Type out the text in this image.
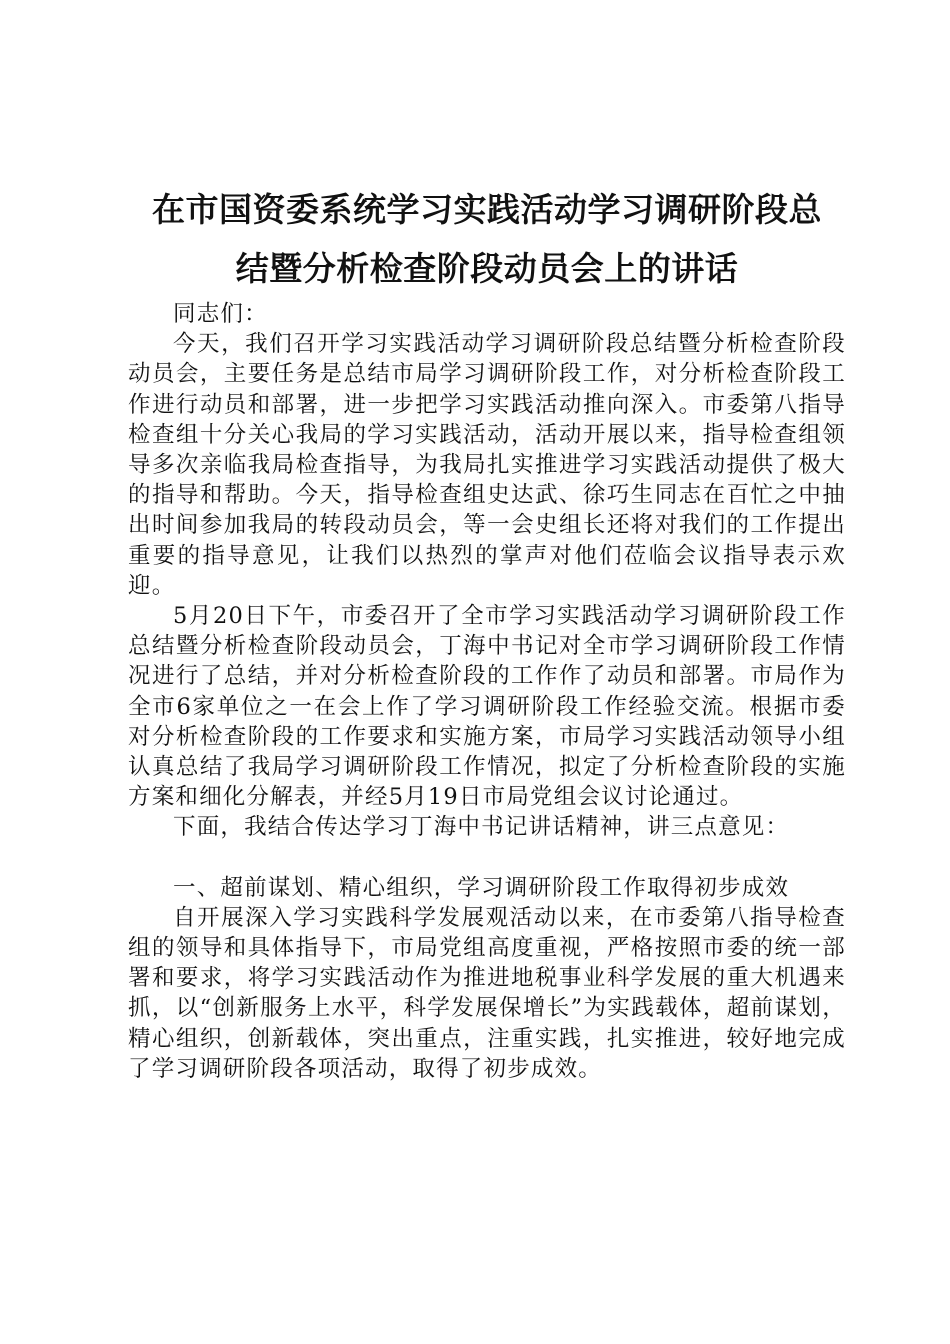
在市国资委系统学习实践活动学习调研阶段总
结暨分析检查阶段动员会上的讲话

同志们：

今天，我们召开学习实践活动学习调研阶段总结暨分析检查阶段动员会，主要任务是总结市局学习调研阶段工作，对分析检查阶段工作进行动员和部署，进一步把学习实践活动推向深入。市委第八指导检查组十分关心我局的学习实践活动，活动开展以来，指导检查组领导多次亲临我局检查指导，为我局扎实推进学习实践活动提供了极大的指导和帮助。今天，指导检查组史达武、徐巧生同志在百忙之中抽出时间参加我局的转段动员会，等一会史组长还将对我们的工作提出重要的指导意见，让我们以热烈的掌声对他们莅临会议指导表示欢迎。

5月20日下午，市委召开了全市学习实践活动学习调研阶段工作总结暨分析检查阶段动员会，丁海中书记对全市学习调研阶段工作情况进行了总结，并对分析检查阶段的工作作了动员和部署。市局作为全市6家单位之一在会上作了学习调研阶段工作经验交流。根据市委对分析检查阶段的工作要求和实施方案，市局学习实践活动领导小组认真总结了我局学习调研阶段工作情况，拟定了分析检查阶段的实施方案和细化分解表，并经5月19日市局党组会议讨论通过。

下面，我结合传达学习丁海中书记讲话精神，讲三点意见：

一、超前谋划、精心组织，学习调研阶段工作取得初步成效

自开展深入学习实践科学发展观活动以来，在市委第八指导检查组的领导和具体指导下，市局党组高度重视，严格按照市委的统一部署和要求，将学习实践活动作为推进地税事业科学发展的重大机遇来抓，以“创新服务上水平，科学发展保增长”为实践载体，超前谋划，精心组织，创新载体，突出重点，注重实践，扎实推进，较好地完成了学习调研阶段各项活动，取得了初步成效。
